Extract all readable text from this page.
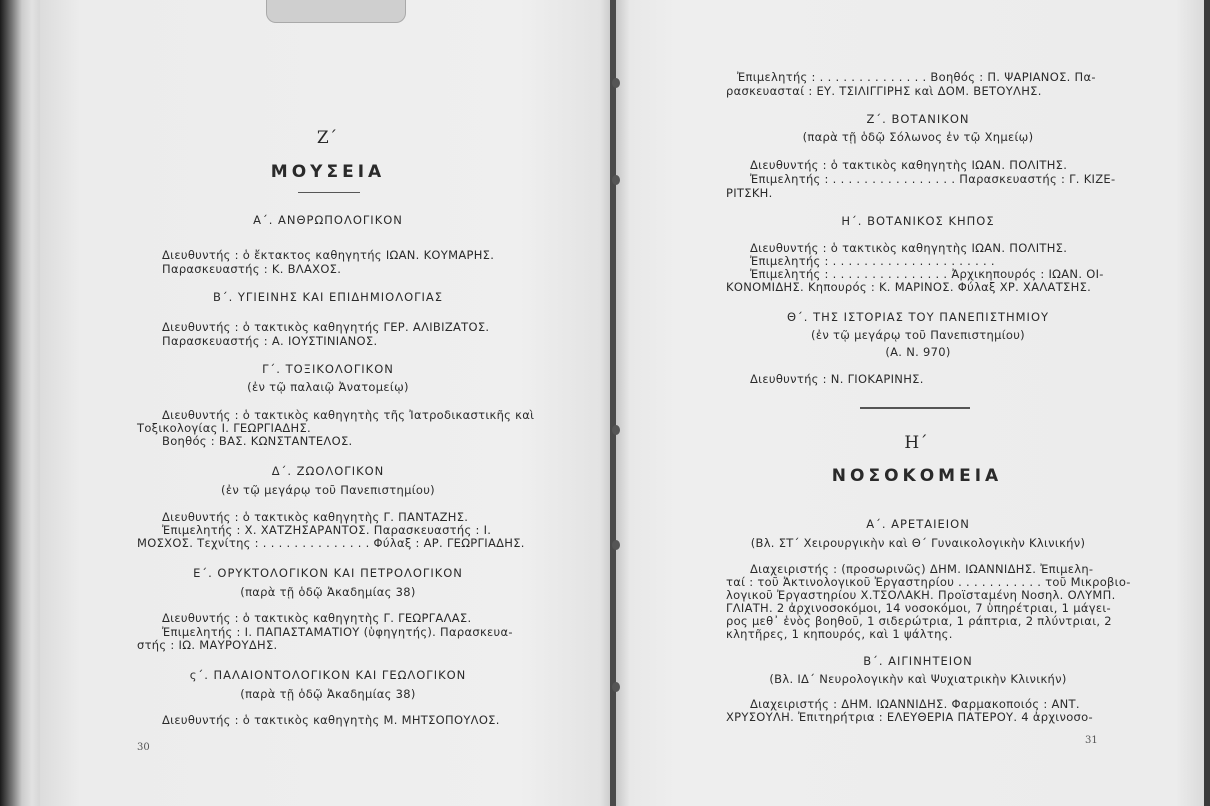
Ζ΄
ΜΟΥΣΕΙΑ
Α΄. ΑΝΘΡΩΠΟΛΟΓΙΚΟΝ
Διευθυντής : ὁ ἔκτακτος καθηγητής ΙΩΑΝ. ΚΟΥΜΑΡΗΣ.
Παρασκευαστής : Κ. ΒΛΑΧΟΣ.
Β΄. ΥΓΙΕΙΝΗΣ ΚΑΙ ΕΠΙΔΗΜΙΟΛΟΓΙΑΣ
Διευθυντής : ὁ τακτικὸς καθηγητής ΓΕΡ. ΑΛΙΒΙΖΑΤΟΣ.
Παρασκευαστής : Α. ΙΟΥΣΤΙΝΙΑΝΟΣ.
Γ΄. ΤΟΞΙΚΟΛΟΓΙΚΟΝ
(ἐν τῷ παλαιῷ Ἀνατομείῳ)
Διευθυντής : ὁ τακτικὸς καθηγητὴς τῆς Ἰατροδικαστικῆς καὶ
Τοξικολογίας Ι. ΓΕΩΡΓΙΑΔΗΣ.
Βοηθός : ΒΑΣ. ΚΩΝΣΤΑΝΤΕΛΟΣ.
Δ΄. ΖΩΟΛΟΓΙΚΟΝ
(ἐν τῷ μεγάρῳ τοῦ Πανεπιστημίου)
Διευθυντής : ὁ τακτικὸς καθηγητὴς Γ. ΠΑΝΤΑΖΗΣ.
Ἐπιμελητής : Χ. ΧΑΤΖΗΣΑΡΑΝΤΟΣ. Παρασκευαστής : Ι.
ΜΟΣΧΟΣ. Τεχνίτης : . . . . . . . . . . . . . . Φύλαξ : ΑΡ. ΓΕΩΡΓΙΑΔΗΣ.
Ε΄. ΟΡΥΚΤΟΛΟΓΙΚΟΝ ΚΑΙ ΠΕΤΡΟΛΟΓΙΚΟΝ
(παρὰ τῇ ὁδῷ Ἀκαδημίας 38)
Διευθυντής : ὁ τακτικὸς καθηγητὴς Γ. ΓΕΩΡΓΑΛΑΣ.
Ἐπιμελητής : Ι. ΠΑΠΑΣΤΑΜΑΤΙΟΥ (ὑφηγητής). Παρασκευα-
στής : ΙΩ. ΜΑΥΡΟΥΔΗΣ.
ς΄. ΠΑΛΑΙΟΝΤΟΛΟΓΙΚΟΝ ΚΑΙ ΓΕΩΛΟΓΙΚΟΝ
(παρὰ τῇ ὁδῷ Ἀκαδημίας 38)
Διευθυντής : ὁ τακτικὸς καθηγητὴς Μ. ΜΗΤΣΟΠΟΥΛΟΣ.
30
Ἐπιμελητής : . . . . . . . . . . . . . . Βοηθός : Π. ΨΑΡΙΑΝΟΣ. Πα-
ρασκευασταί : ΕΥ. ΤΣΙΛΙΓΓΙΡΗΣ καὶ ΔΟΜ. ΒΕΤΟΥΛΗΣ.
Ζ΄. ΒΟΤΑΝΙΚΟΝ
(παρὰ τῇ ὁδῷ Σόλωνος ἐν τῷ Χημείῳ)
Διευθυντής : ὁ τακτικὸς καθηγητὴς ΙΩΑΝ. ΠΟΛΙΤΗΣ.
Ἐπιμελητής : . . . . . . . . . . . . . . . . Παρασκευαστής : Γ. ΚΙΖΕ-
ΡΙΤΣΚΗ.
Η΄. ΒΟΤΑΝΙΚΟΣ ΚΗΠΟΣ
Διευθυντής : ὁ τακτικὸς καθηγητὴς ΙΩΑΝ. ΠΟΛΙΤΗΣ.
Ἐπιμελητής : . . . . . . . . . . . . . . . . . . . . .
Ἐπιμελητής : . . . . . . . . . . . . . . . Ἀρχικηπουρός : ΙΩΑΝ. ΟΙ-
ΚΟΝΟΜΙΔΗΣ. Κηπουρός : Κ. ΜΑΡΙΝΟΣ. Φύλαξ ΧΡ. ΧΑΛΑΤΣΗΣ.
Θ΄. ΤΗΣ ΙΣΤΟΡΙΑΣ ΤΟΥ ΠΑΝΕΠΙΣΤΗΜΙΟΥ
(ἐν τῷ μεγάρῳ τοῦ Πανεπιστημίου)
(Α. Ν. 970)
Διευθυντής : Ν. ΓΙΟΚΑΡΙΝΗΣ.
Η΄
ΝΟΣΟΚΟΜΕΙΑ
Α΄. ΑΡΕΤΑΙΕΙΟΝ
(Βλ. ΣΤ΄ Χειρουργικὴν καὶ Θ΄ Γυναικολογικὴν Κλινικήν)
Διαχειριστής : (προσωρινῶς) ΔΗΜ. ΙΩΑΝΝΙΔΗΣ. Ἐπιμελη-
ταί : τοῦ Ἀκτινολογικοῦ Ἐργαστηρίου . . . . . . . . . . . τοῦ Μικροβιο-
λογικοῦ Ἐργαστηρίου Χ.ΤΣΟΛΑΚΗ. Προϊσταμένη Νοσηλ. ΟΛΥΜΠ.
ΓΛΙΑΤΗ. 2 ἀρχινοσοκόμοι, 14 νοσοκόμοι, 7 ὑπηρέτριαι, 1 μάγει-
ρος μεθ᾽ ἑνὸς βοηθοῦ, 1 σιδερώτρια, 1 ράπτρια, 2 πλύντριαι, 2
κλητῆρες, 1 κηπουρός, καὶ 1 ψάλτης.
Β΄. ΑΙΓΙΝΗΤΕΙΟΝ
(Βλ. ΙΔ΄ Νευρολογικὴν καὶ Ψυχιατρικὴν Κλινικήν)
Διαχειριστής : ΔΗΜ. ΙΩΑΝΝΙΔΗΣ. Φαρμακοποιός : ΑΝΤ.
ΧΡΥΣΟΥΛΗ. Ἐπιτηρήτρια : ΕΛΕΥΘΕΡΙΑ ΠΑΤΕΡΟΥ. 4 ἀρχινοσο-
31
